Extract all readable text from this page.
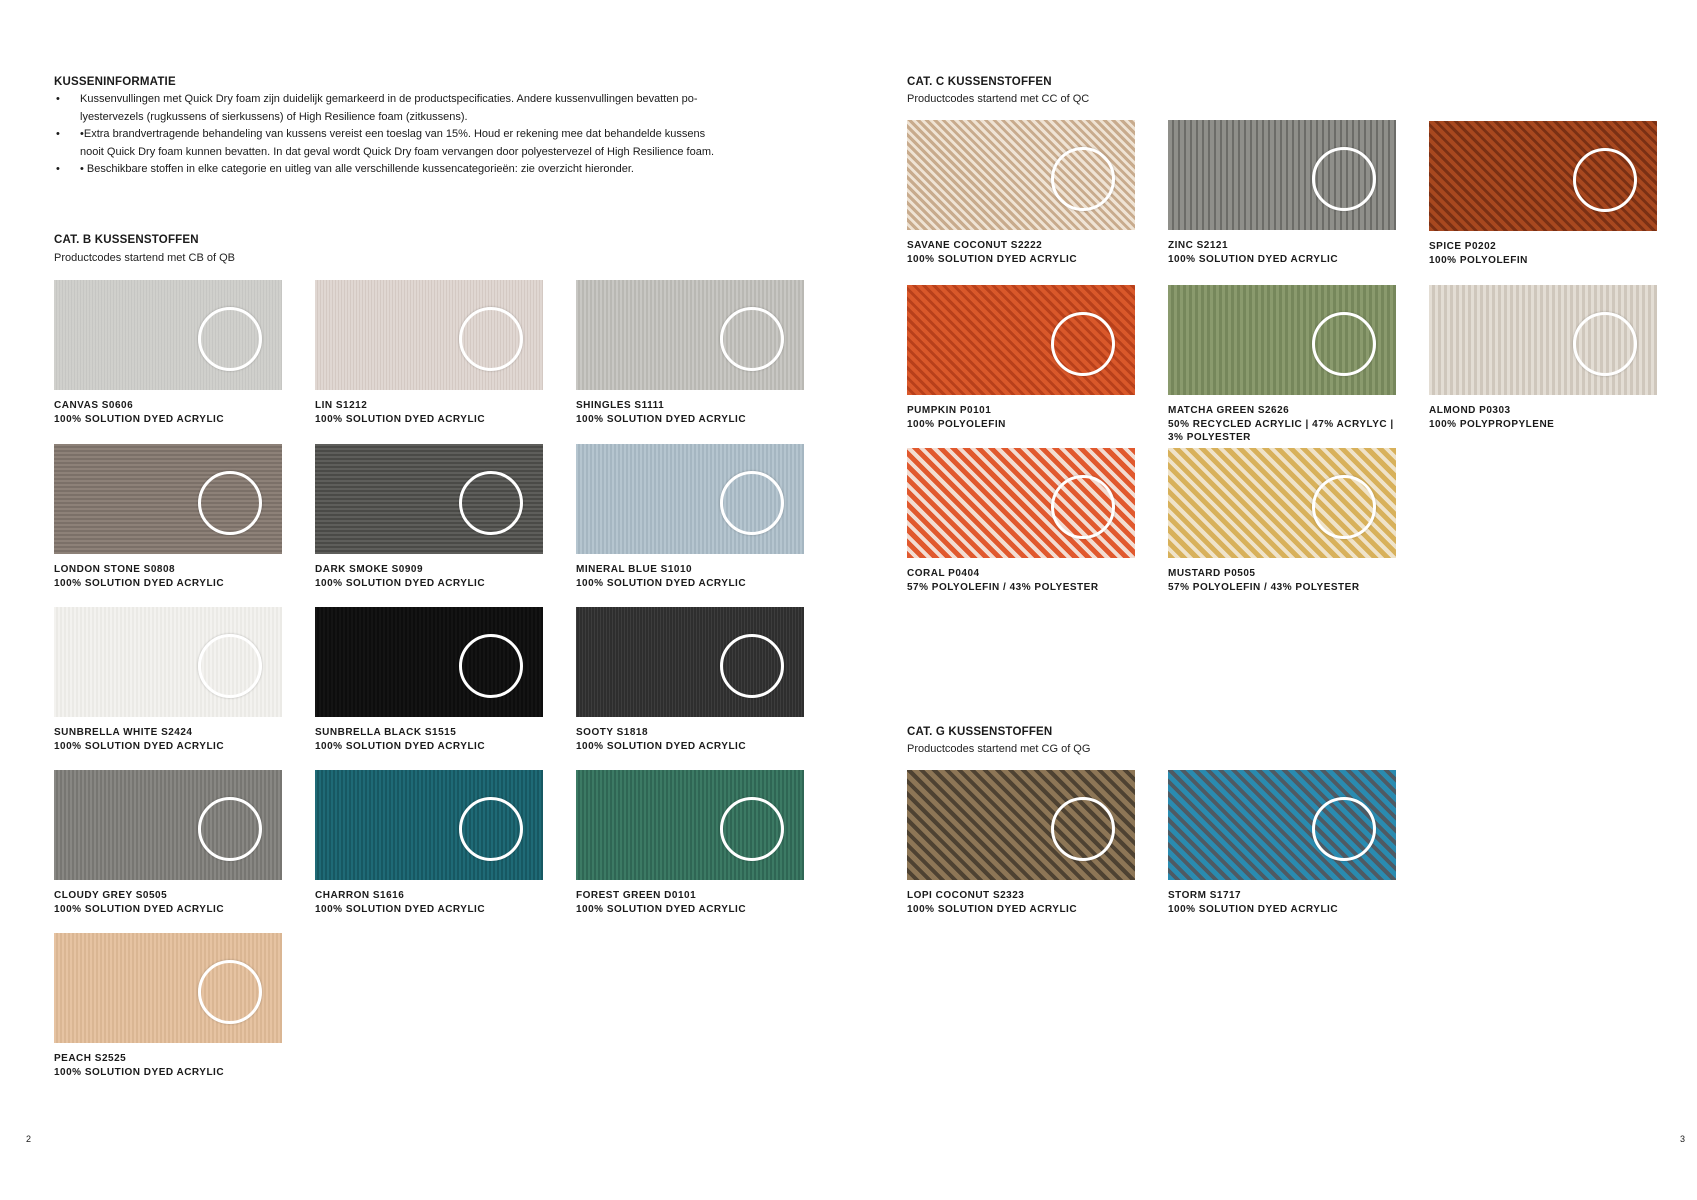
KUSSENINFORMATIE
• Kussenvullingen met Quick Dry foam zijn duidelijk gemarkeerd in de productspecificaties. Andere kussenvullingen bevatten po-
lyestervezels (rugkussens of sierkussens) of High Resilience foam (zitkussens).
• •Extra brandvertragende behandeling van kussens vereist een toeslag van 15%. Houd er rekening mee dat behandelde kussens
nooit Quick Dry foam kunnen bevatten. In dat geval wordt Quick Dry foam vervangen door polyestervezel of High Resilience foam.
• • Beschikbare stoffen in elke categorie en uitleg van alle verschillende kussencategorieën: zie overzicht hieronder.
CAT. B KUSSENSTOFFEN
Productcodes startend met CB of QB
CANVAS S0606
100% SOLUTION DYED ACRYLIC
LIN S1212
100% SOLUTION DYED ACRYLIC
SHINGLES S1111
100% SOLUTION DYED ACRYLIC
LONDON STONE S0808
100% SOLUTION DYED ACRYLIC
DARK SMOKE S0909
100% SOLUTION DYED ACRYLIC
MINERAL BLUE S1010
100% SOLUTION DYED ACRYLIC
SUNBRELLA WHITE S2424
100% SOLUTION DYED ACRYLIC
SUNBRELLA BLACK S1515
100% SOLUTION DYED ACRYLIC
SOOTY S1818
100% SOLUTION DYED ACRYLIC
CLOUDY GREY S0505
100% SOLUTION DYED ACRYLIC
CHARRON S1616
100% SOLUTION DYED ACRYLIC
FOREST GREEN D0101
100% SOLUTION DYED ACRYLIC
PEACH S2525
100% SOLUTION DYED ACRYLIC
2
CAT. C KUSSENSTOFFEN
Productcodes startend met CC of QC
SAVANE COCONUT S2222
100% SOLUTION DYED ACRYLIC
ZINC S2121
100% SOLUTION DYED ACRYLIC
SPICE P0202
100% POLYOLEFIN
PUMPKIN P0101
100% POLYOLEFIN
MATCHA GREEN S2626
50% RECYCLED ACRYLIC | 47% ACRYLYC | 3% POLYESTER
ALMOND P0303
100% POLYPROPYLENE
CORAL P0404
57% POLYOLEFIN / 43% POLYESTER
MUSTARD P0505
57% POLYOLEFIN / 43% POLYESTER
CAT. G KUSSENSTOFFEN
Productcodes startend met CG of QG
LOPI COCONUT S2323
100% SOLUTION DYED ACRYLIC
STORM S1717
100% SOLUTION DYED ACRYLIC
3
